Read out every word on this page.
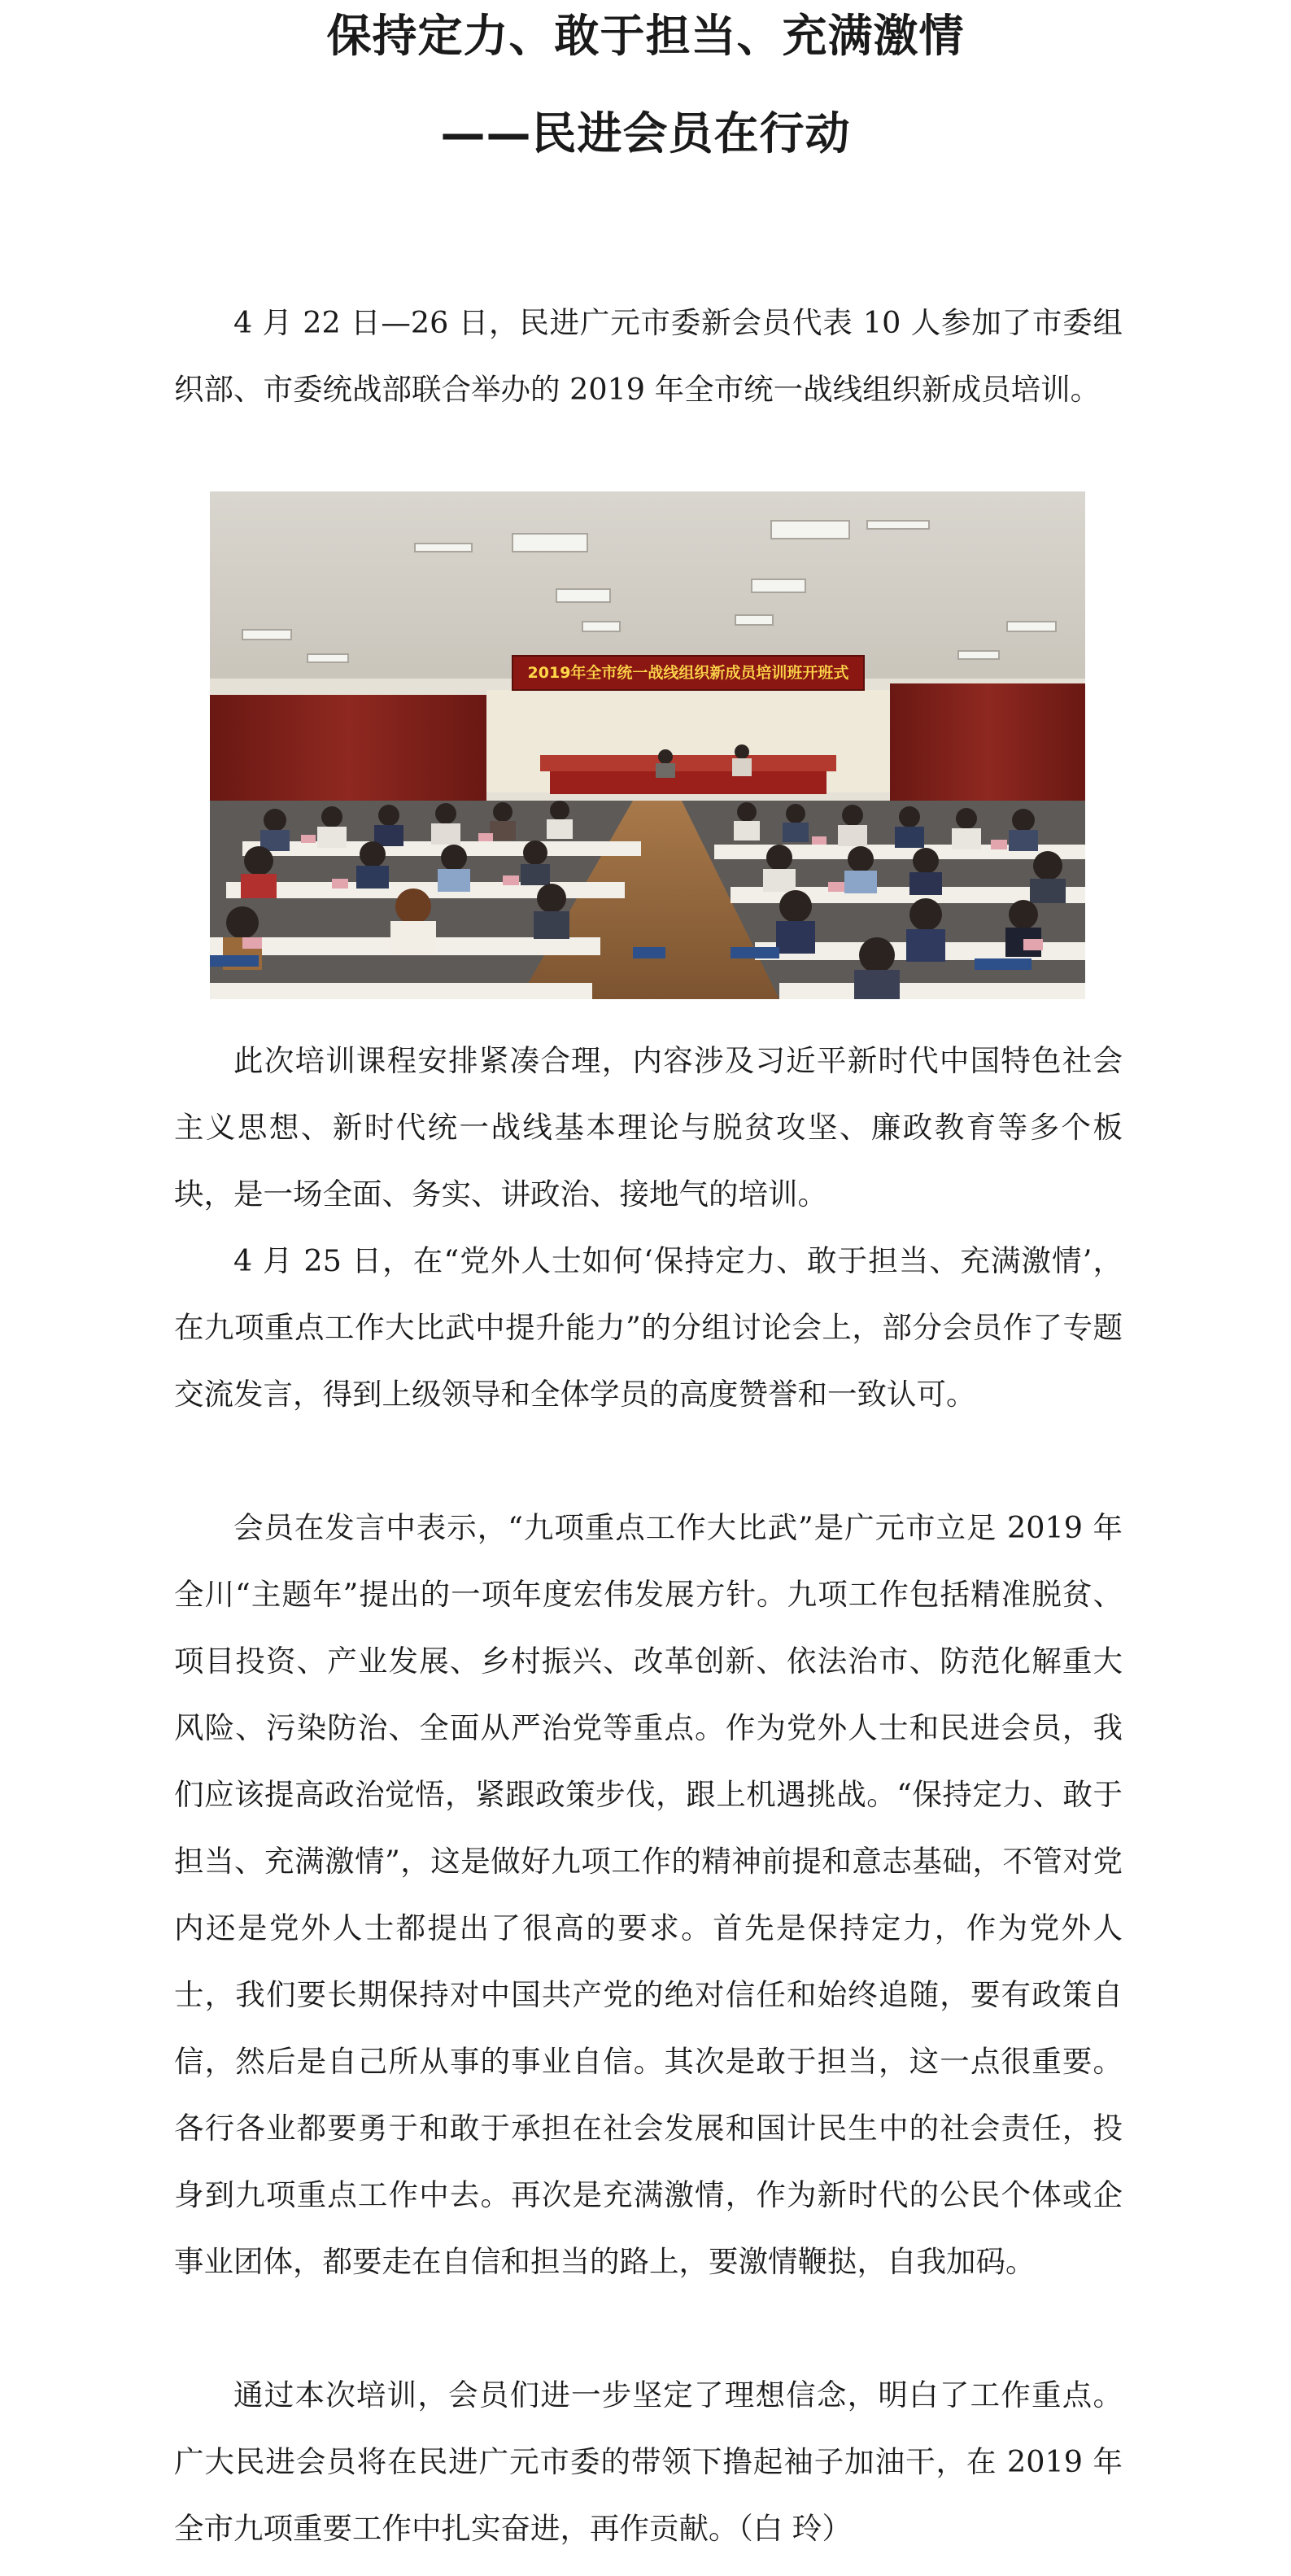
保持定力、敢于担当、充满激情
——民进会员在行动

4 月 22 日—26 日，民进广元市委新会员代表 10 人参加了市委组织部、市委统战部联合举办的 2019 年全市统一战线组织新成员培训。

2019年全市统一战线组织新成员培训班开班式

此次培训课程安排紧凑合理，内容涉及习近平新时代中国特色社会主义思想、新时代统一战线基本理论与脱贫攻坚、廉政教育等多个板块，是一场全面、务实、讲政治、接地气的培训。

4 月 25 日，在“党外人士如何‘保持定力、敢于担当、充满激情’，在九项重点工作大比武中提升能力”的分组讨论会上，部分会员作了专题交流发言，得到上级领导和全体学员的高度赞誉和一致认可。

会员在发言中表示，“九项重点工作大比武”是广元市立足 2019 年全川“主题年”提出的一项年度宏伟发展方针。九项工作包括精准脱贫、项目投资、产业发展、乡村振兴、改革创新、依法治市、防范化解重大风险、污染防治、全面从严治党等重点。作为党外人士和民进会员，我们应该提高政治觉悟，紧跟政策步伐，跟上机遇挑战。“保持定力、敢于担当、充满激情”，这是做好九项工作的精神前提和意志基础，不管对党内还是党外人士都提出了很高的要求。首先是保持定力，作为党外人士，我们要长期保持对中国共产党的绝对信任和始终追随，要有政策自信，然后是自己所从事的事业自信。其次是敢于担当，这一点很重要。各行各业都要勇于和敢于承担在社会发展和国计民生中的社会责任，投身到九项重点工作中去。再次是充满激情，作为新时代的公民个体或企事业团体，都要走在自信和担当的路上，要激情鞭挞，自我加码。

通过本次培训，会员们进一步坚定了理想信念，明白了工作重点。广大民进会员将在民进广元市委的带领下撸起袖子加油干，在 2019 年全市九项重要工作中扎实奋进，再作贡献。（白 玲）
